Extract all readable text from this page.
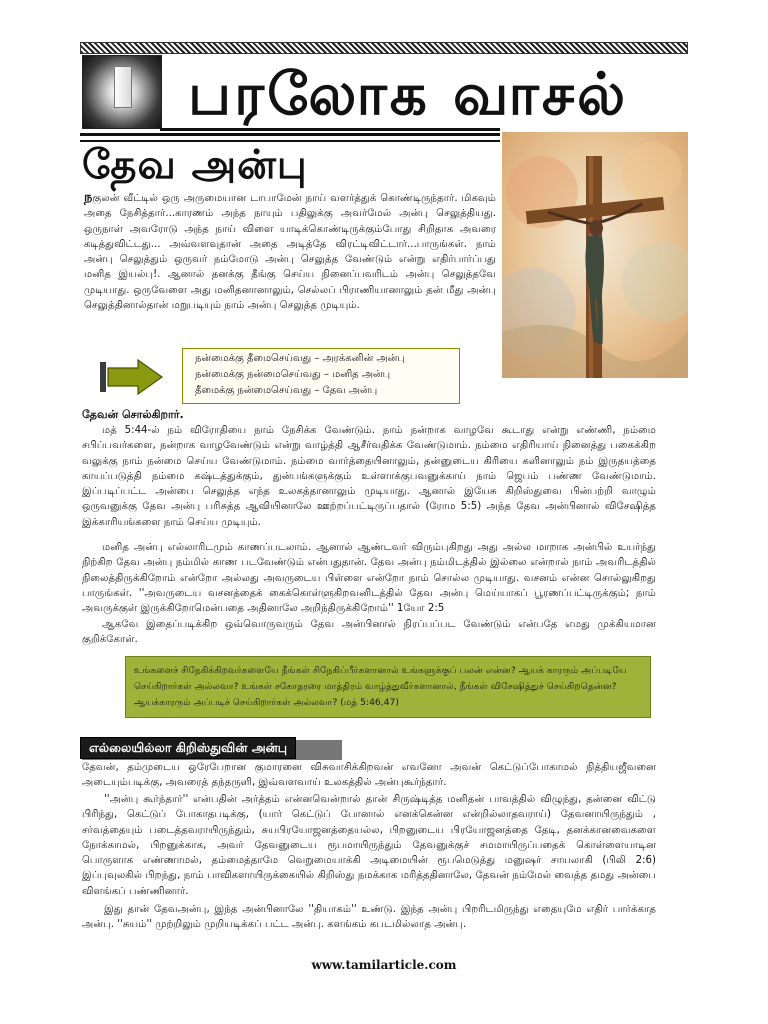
பரலோக வாசல்
தேவ அன்பு
நகுலன் வீட்டில் ஒரு அருமையான டாபாமேன் நாய் வளர்த்துக் கொண்டிருந்தார். மிகவும் அதை நேசித்தார்...காரணம் அந்த நாயும் பதிலுக்கு அவர்மேல் அன்பு செலுத்தியது. ஒருநாள் அவரோடு அந்த நாய் விளை யாடிக்கொண்டிருக்கும்போது சிறிதாக அவரை கடித்துவிட்டது... அவ்வளவுதான் அதை அடித்தே விரட்டிவிட்டார்...பாருங்கள். நாம் அன்பு செலுத்தும் ஒருவர் நம்மோடு அன்பு செலுத்த வேண்டும் என்று எதிர்பார்ப்பது மனித இயல்பு!. ஆனால் தனக்கு தீங்கு செய்ய நினைப்பவரிடம் அன்பு செலுத்தவே முடியாது. ஒருவேளை அது மனிதனானாலும், செல்லப் பிராணியானாலும் தன் மீது அன்பு செலுத்தினால்தான் மறுபடியும் நாம் அன்பு செலுத்த முடியும்.
நன்மைக்கு தீமைசெய்வது – அரக்கனின் அன்பு
நன்மைக்கு நன்மைசெய்வது – மனித அன்பு
தீமைக்கு நன்மைசெய்வது – தேவ அன்பு
தேவன் சொல்கிறார்.
மத் 5:44-ல் நம் விரோதியை நாம் நேசிக்க வேண்டும். நாம் நன்றாக வாழவே கூடாது என்று எண்ணி, நம்மை சபிப்பவர்களை, நன்றாக வாழவேண்டும் என்று வாழ்த்தி ஆசீர்வதிக்க வேண்டுமாம். நம்மை எதிரியாய் நினைத்து பகைக்கிற வலுக்கு நாம் நன்மை செய்ய வேண்டுமாம். நம்மை வார்த்தையினாலும், தன்னுடைய கிரியை களினாலும் நம் இருதயத்தை காயப்படுத்தி நம்மை கஷ்டத்துக்கும், துன்பங்களுக்கும் உள்ளாக்குபவனுக்காய் நாம் ஜெபம் பண்ண வேண்டுமாம். இப்படிப்பட்ட அன்பை செலுத்த எந்த உலகத்தானாலும் முடியாது. ஆனால் இயேசு கிறிஸ்துவை பின்பற்றி வாழும் ஒருவனுக்கு தேவ அன்பு பரிசுத்த ஆவியினாலே ஊற்றப்பட்டிருப்பதால் (ரோம 5:5) அந்த தேவ அன்பினால் விசேஷித்த இக்காரியங்களை நாம் செய்ய முடியும்.
மனித அன்பு எல்லாரிடமும் காணப்படலாம். ஆனால் ஆண்டவர் விரும்புகிறது அது அல்ல மாறாக அன்பில் உயர்ந்து நிற்கிற தேவ அன்பு நம்மில் காண படவேண்டும் என்பதுதான். தேவ அன்பு நம்மிடத்தில் இல்லை என்றால் நாம் அவரிடத்தில் நிலைத்திருக்கிறோம் என்றோ அல்லது அவருடைய பிள்ளை என்றோ நாம் சொல்ல முடியாது. வசனம் என்ன சொல்லுகிறது பாருங்கள். ''அவருடைய வசனத்தைக் கைக்கொள்ளுகிறவனிடத்தில் தேவ அன்பு மெய்யாகப் பூரணப்பட்டிருக்கும்; நாம் அவருக்குள் இருக்கிறோமென்பதை அதினாலே அறிந்திருக்கிறோம்'' 1யோ 2:5
ஆகவே இதைப்படிக்கிற ஒவ்வொருவரும் தேவ அன்பினால் நிரப்பப்பட வேண்டும் என்பதே எமது முக்கியமான குறிக்கோள்.
உங்களைச் சிநேகிக்கிறவர்களையே நீங்கள் சிநேகிப்பீர்களானால் உங்களுக்குப் பலன் என்ன? ஆயக் காரரும் அப்படியே செய்கிறார்கள் அல்லவா? உங்கள் சகோதரரை மாத்திரம் வாழ்த்துவீர்களானால், நீங்கள் விசேஷித்துச் செய்கிறதென்ன? ஆயக்காரரும் அப்படிச் செய்கிறார்கள் அல்லவா? (மத் 5:46,47)
எல்லையில்லா கிறிஸ்துவின் அன்பு
தேவன், தம்முடைய ஒரேபேறான குமாரனை விசுவாசிக்கிறவன் எவனோ அவன் கெட்டுப்போகாமல் நித்தியஜீவனை அடையும்படிக்கு, அவரைத் தந்தருளி, இவ்வளவாய் உலகத்தில் அன்புகூர்ந்தார்.
''அன்பு கூர்ந்தார்'' என்பதின் அர்த்தம் என்னவென்றால் தான் சிருஷ்டித்த மனிதன் பாவத்தில் விழுந்து, தன்னை விட்டு பிரிந்து, கெட்டுப் போகாதபடிக்கு, (யார் கெட்டுப் போனால் எனக்கென்ன என்றில்லாதவராய்) தேவனாயிருந்தும் , சர்வத்தையும் படைத்தவராயிருந்தும், சுயபிரயோஜனத்தையல்ல, பிறனுடைய பிரயோஜனத்தை தேடி, தனக்கானவைகளை நோக்காமல், பிறனுக்காக, அவர் தேவனுடைய ரூபமாயிருந்தும் தேவனுக்குச் சமமாயிருப்பதைக் கொள்ளையாடின பொருளாக எண்ணாமல், தம்மைத்தாமே வெறுமையாக்கி அடிமையின் ரூபமெடுத்து மனுஷர் சாயலாகி (பிலி 2:6) இப்புவுலகில் பிறந்து, நாம் பாவிகளாயிருக்கையில் கிறிஸ்து நமக்காக மரித்ததினாலே, தேவன் நம்மேல் வைத்த தமது அன்பை விளங்கப் பண்ணினார்.
இது தான் தேவஅன்பு, இந்த அன்பினாலே ''தியாகம்'' உண்டு. இந்த அன்பு பிறரிடமிருந்து எதையுமே எதிர் பார்க்காத அன்பு. ''சுயம்'' முற்றிலும் முறியடிக்கப் பட்ட அன்பு. களங்கம் கபடமில்லாத அன்பு.
www.tamilarticle.com
